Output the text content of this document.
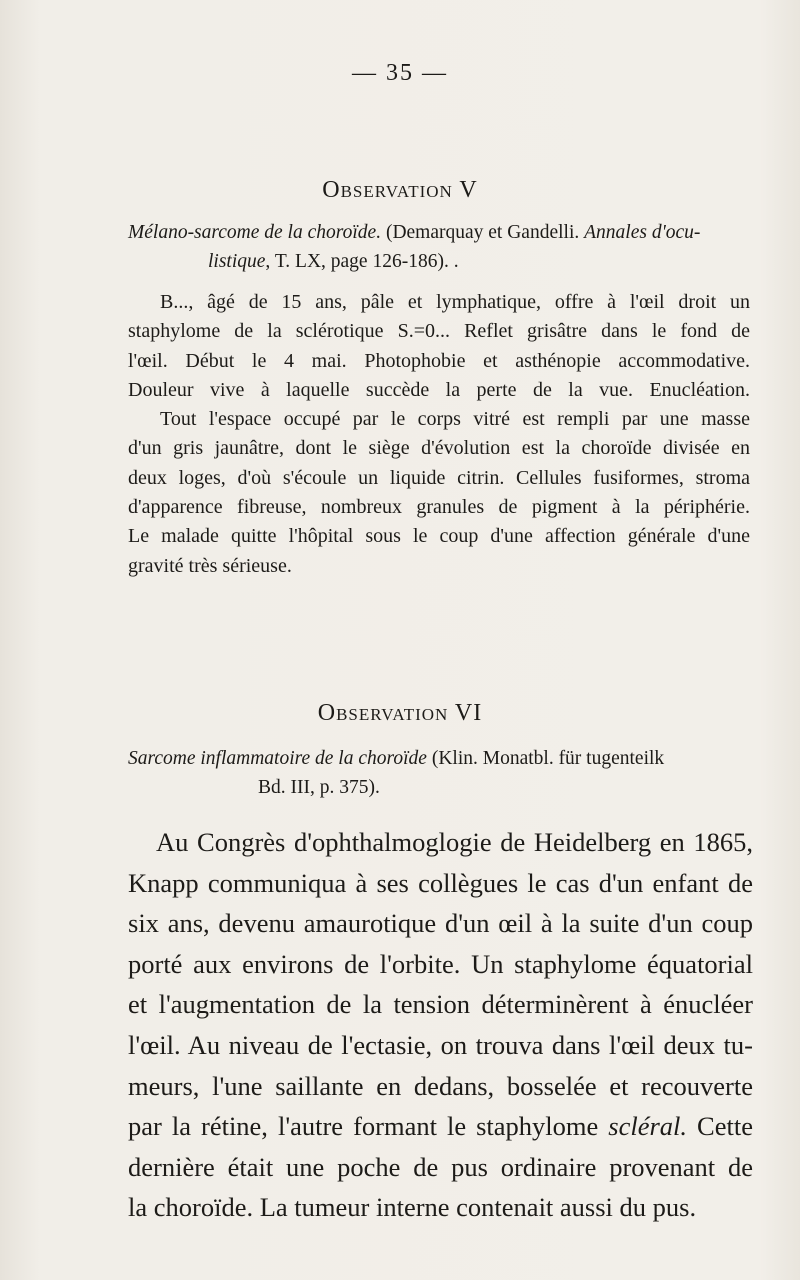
— 35 —
Observation V
Mélano-sarcome de la choroïde. (Demarquay et Gandelli. Annales d'ocu-
listique, T. LX, page 126-186). .
B..., âgé de 15 ans, pâle et lymphatique, offre à l'œil droit un
staphylome de la sclérotique S.=0... Reflet grisâtre dans le fond de
l'œil. Début le 4 mai. Photophobie et asthénopie accommodative.
Douleur vive à laquelle succède la perte de la vue. Enucléation.
Tout l'espace occupé par le corps vitré est rempli par une masse
d'un gris jaunâtre, dont le siège d'évolution est la choroïde divisée en
deux loges, d'où s'écoule un liquide citrin. Cellules fusiformes, stroma
d'apparence fibreuse, nombreux granules de pigment à la périphérie.
Le malade quitte l'hôpital sous le coup d'une affection générale d'une
gravité très sérieuse.
Observation VI
Sarcome inflammatoire de la choroïde (Klin. Monatbl. für tugenteilk
Bd. III, p. 375).
Au Congrès d'ophthalmoglogie de Heidelberg en 1865,
Knapp communiqua à ses collègues le cas d'un enfant de
six ans, devenu amaurotique d'un œil à la suite d'un coup
porté aux environs de l'orbite. Un staphylome équatorial
et l'augmentation de la tension déterminèrent à énucléer
l'œil. Au niveau de l'ectasie, on trouva dans l'œil deux tu-
meurs, l'une saillante en dedans, bosselée et recouverte
par la rétine, l'autre formant le staphylome scléral. Cette
dernière était une poche de pus ordinaire provenant de
la choroïde. La tumeur interne contenait aussi du pus.
